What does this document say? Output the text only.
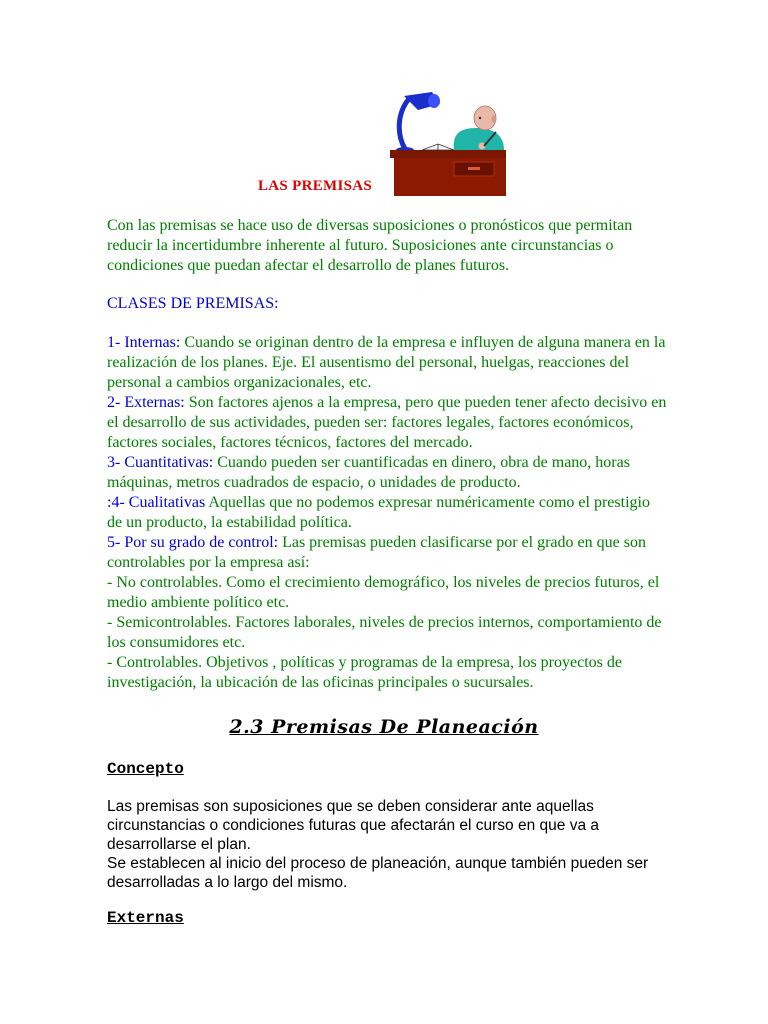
LAS PREMISAS
Con las premisas se hace uso de diversas suposiciones o pronósticos que permitan reducir la incertidumbre inherente al futuro. Suposiciones ante circunstancias o condiciones que puedan afectar el desarrollo de planes futuros.
CLASES DE PREMISAS:

1- Internas: Cuando se originan dentro de la empresa e influyen de alguna manera en la realización de los planes. Eje. El ausentismo del personal, huelgas, reacciones del personal a cambios organizacionales, etc.

2- Externas: Son factores ajenos a la empresa, pero que pueden tener afecto decisivo en el desarrollo de sus actividades, pueden ser: factores legales, factores económicos, factores sociales, factores técnicos, factores del mercado.

3- Cuantitativas: Cuando pueden ser cuantificadas en dinero, obra de mano, horas máquinas, metros cuadrados de espacio, o unidades de producto.

:4- Cualitativas Aquellas que no podemos expresar numéricamente como el prestigio de un producto, la estabilidad política.

5- Por su grado de control: Las premisas pueden clasificarse por el grado en que son controlables por la empresa así:

- No controlables. Como el crecimiento demográfico, los niveles de precios futuros, el medio ambiente político etc.

- Semicontrolables. Factores laborales, niveles de precios internos, comportamiento de los consumidores etc.

- Controlables. Objetivos , políticas y programas de la empresa, los proyectos de investigación, la ubicación de las oficinas principales o sucursales.

2.3 Premisas De Planeación
Concepto

Las premisas son suposiciones que se deben considerar ante aquellas circunstancias o condiciones futuras que afectarán el curso en que va a desarrollarse el plan.

Se establecen al inicio del proceso de planeación, aunque también pueden ser desarrolladas a lo largo del mismo.

Externas
